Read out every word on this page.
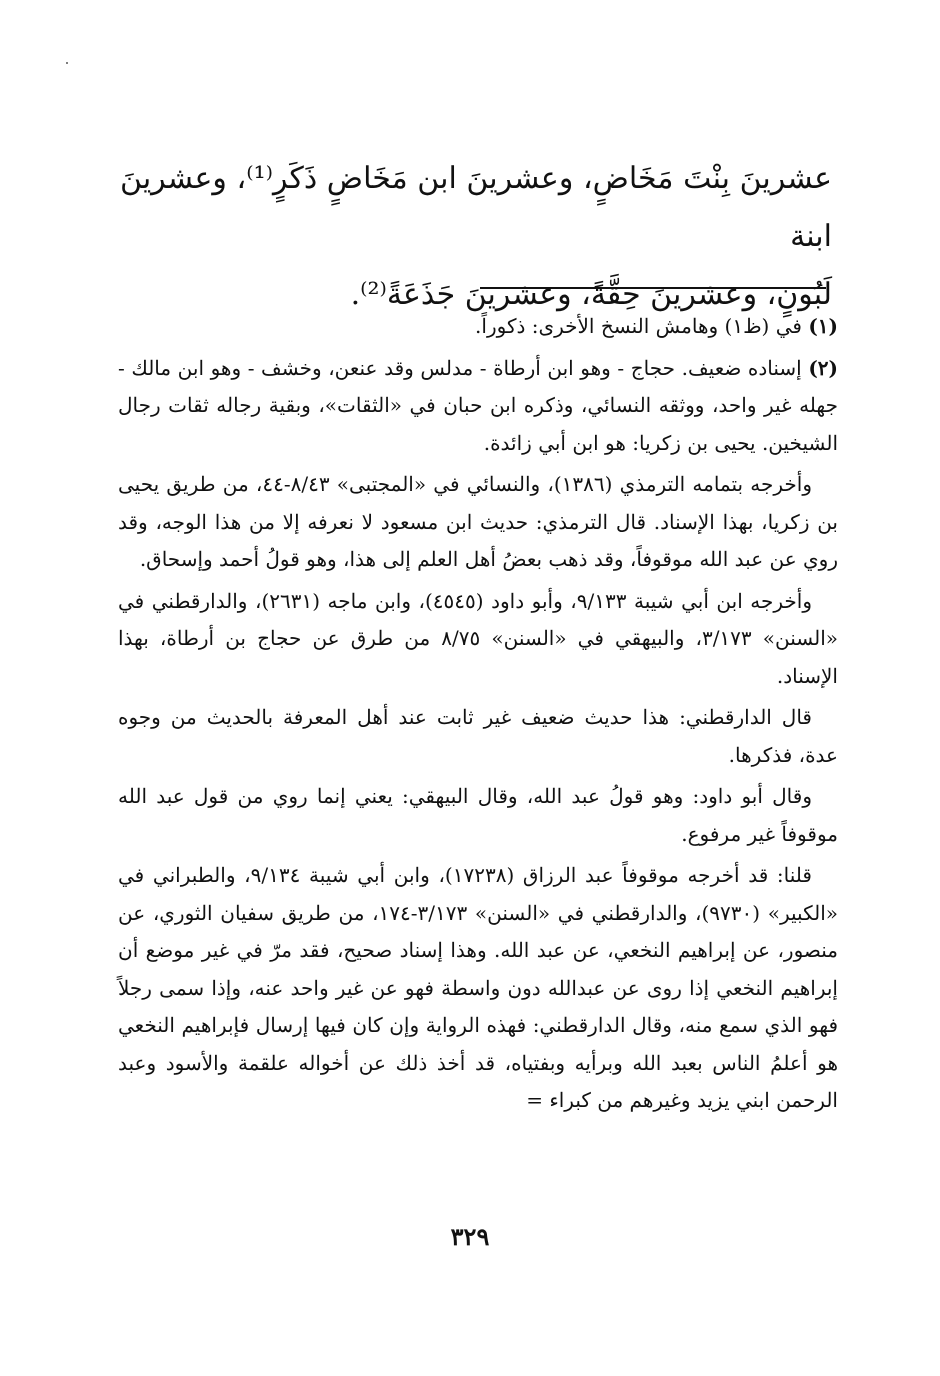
عشرينَ بِنْتَ مَخَاضٍ، وعشرينَ ابن مَخَاضٍ ذَكَرٍ⁽¹⁾، وعشرينَ ابنة

لَبُونٍ، وعشرينَ حِقَّةً، وعشرينَ جَذَعَةً⁽²⁾.

(١) في (ظ١) وهامش النسخ الأخرى: ذكوراً.

(٢) إسناده ضعيف. حجاج - وهو ابن أرطاة - مدلس وقد عنعن، وخشف - وهو ابن مالك - جهله غير واحد، ووثقه النسائي، وذكره ابن حبان في «الثقات»، وبقية رجاله ثقات رجال الشيخين. يحيى بن زكريا: هو ابن أبي زائدة.

وأخرجه بتمامه الترمذي (١٣٨٦)، والنسائي في «المجتبى» ٨/٤٣-٤٤، من طريق يحيى بن زكريا، بهذا الإسناد. قال الترمذي: حديث ابن مسعود لا نعرفه إلا من هذا الوجه، وقد روي عن عبد الله موقوفاً، وقد ذهب بعضُ أهل العلم إلى هذا، وهو قولُ أحمد وإسحاق.

وأخرجه ابن أبي شيبة ٩/١٣٣، وأبو داود (٤٥٤٥)، وابن ماجه (٢٦٣١)، والدارقطني في «السنن» ٣/١٧٣، والبيهقي في «السنن» ٨/٧٥ من طرق عن حجاج بن أرطاة، بهذا الإسناد.

قال الدارقطني: هذا حديث ضعيف غير ثابت عند أهل المعرفة بالحديث من وجوه عدة، فذكرها.

وقال أبو داود: وهو قولُ عبد الله، وقال البيهقي: يعني إنما روي من قول عبد الله موقوفاً غير مرفوع.

قلنا: قد أخرجه موقوفاً عبد الرزاق (١٧٢٣٨)، وابن أبي شيبة ٩/١٣٤، والطبراني في «الكبير» (٩٧٣٠)، والدارقطني في «السنن» ٣/١٧٣-١٧٤، من طريق سفيان الثوري، عن منصور، عن إبراهيم النخعي، عن عبد الله. وهذا إسناد صحيح، فقد مرّ في غير موضع أن إبراهيم النخعي إذا روى عن عبدالله دون واسطة فهو عن غير واحد عنه، وإذا سمى رجلاً فهو الذي سمع منه، وقال الدارقطني: فهذه الرواية وإن كان فيها إرسال فإبراهيم النخعي هو أعلمُ الناس بعبد الله وبرأيه وبفتياه، قد أخذ ذلك عن أخواله علقمة والأسود وعبد الرحمن ابني يزيد وغيرهم من كبراء =

٣٢٩
